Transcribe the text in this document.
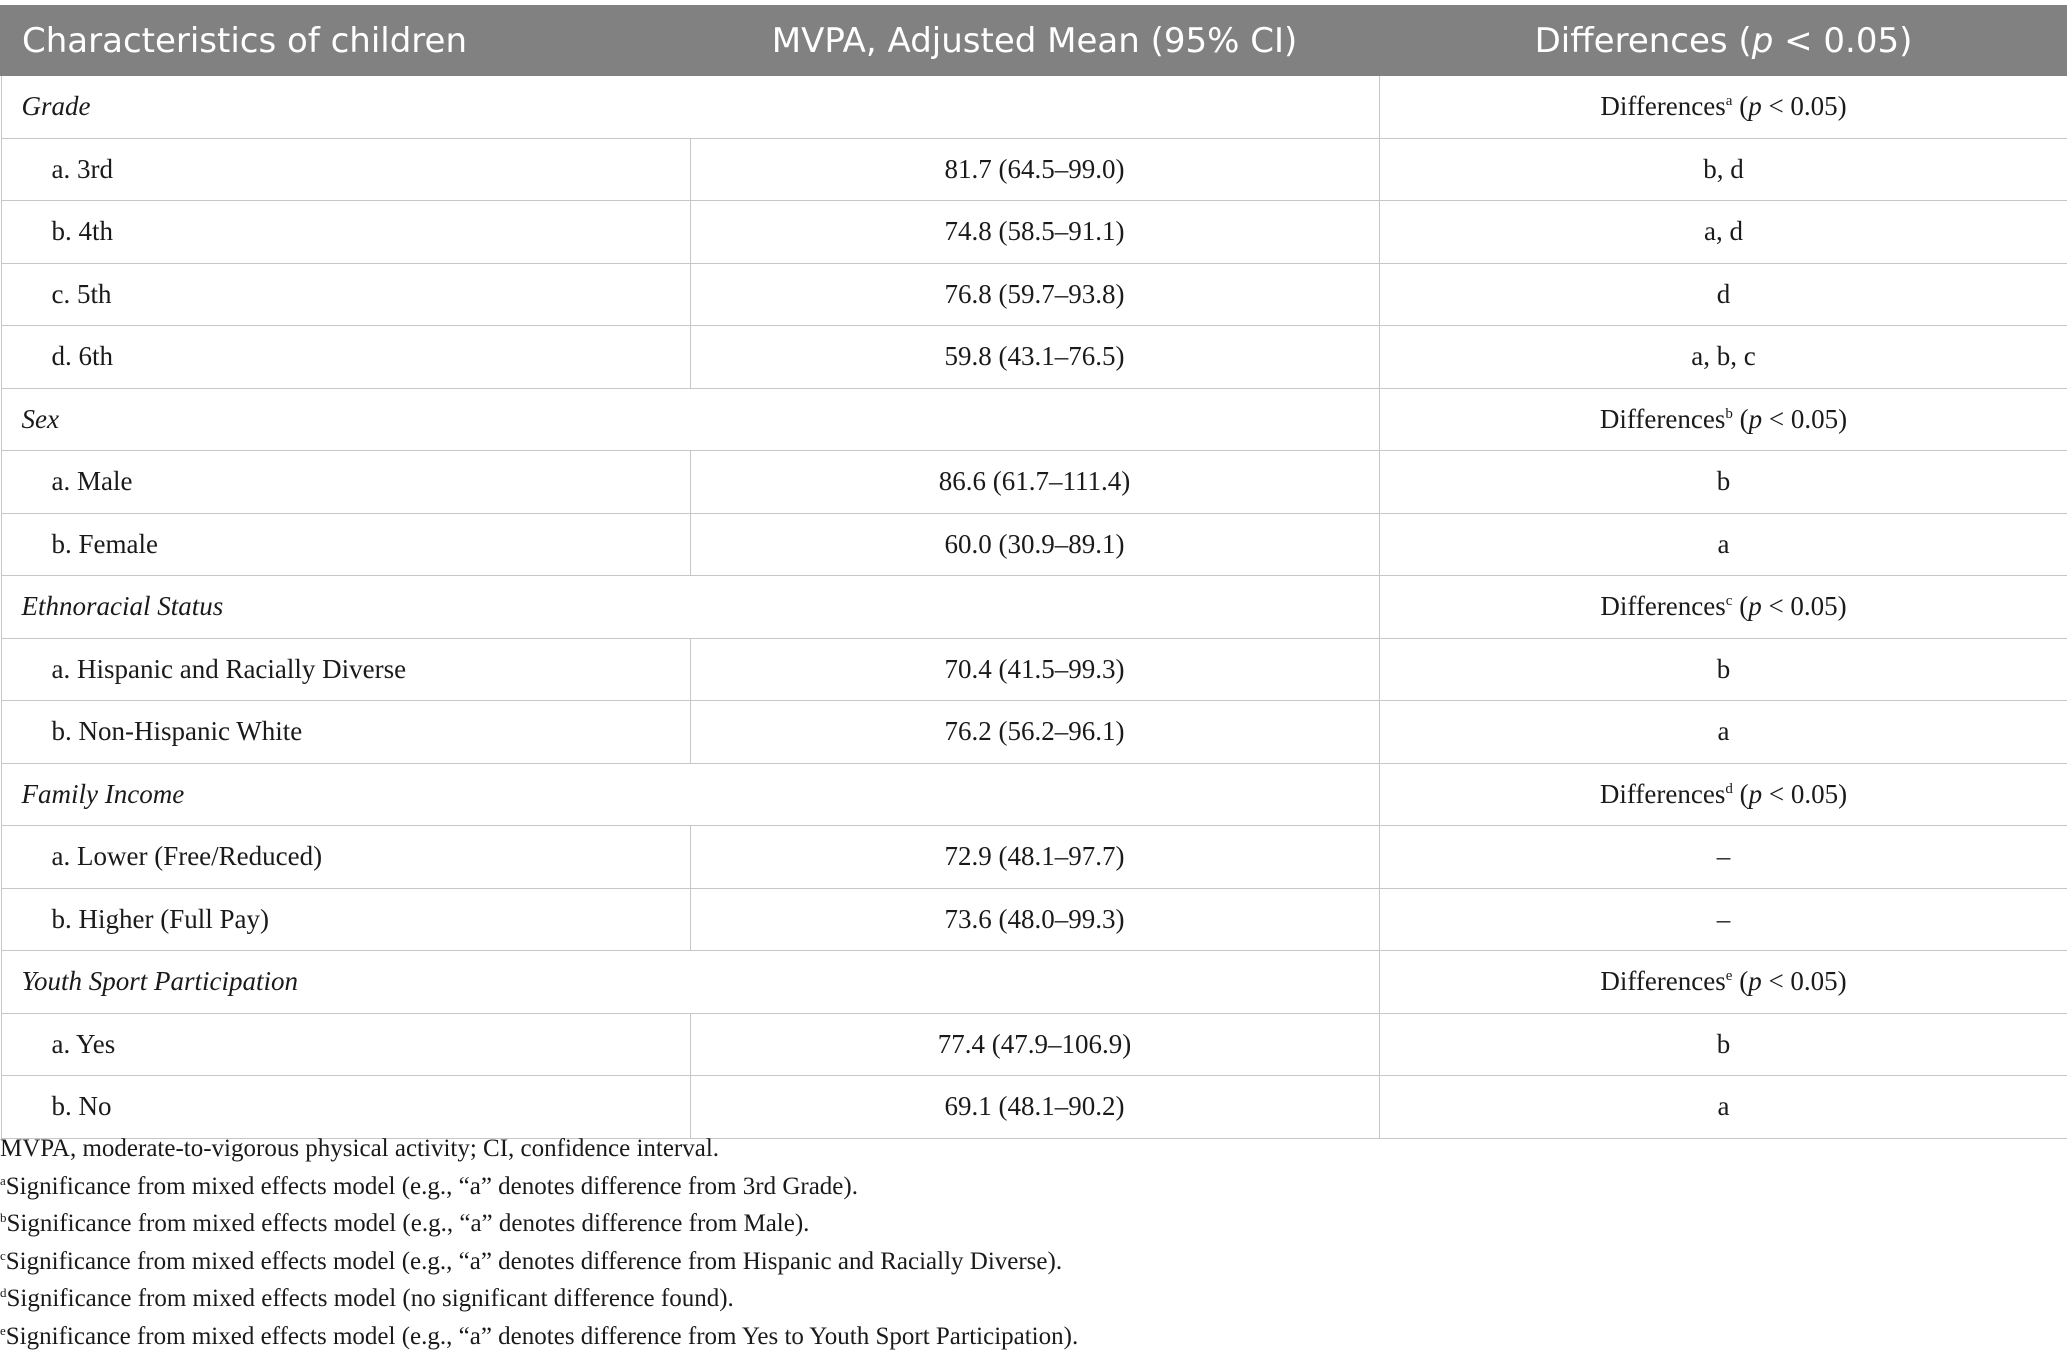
Characteristics of children	MVPA, Adjusted Mean (95% CI)	Differences (p < 0.05)
Grade		Differences$^a$ (p < 0.05)
a. 3rd	81.7 (64.5–99.0)	b, d
b. 4th	74.8 (58.5–91.1)	a, d
c. 5th	76.8 (59.7–93.8)	d
d. 6th	59.8 (43.1–76.5)	a, b, c
Sex		Differences$^b$ (p < 0.05)
a. Male	86.6 (61.7–111.4)	b
b. Female	60.0 (30.9–89.1)	a
Ethnoracial Status		Differences$^c$ (p < 0.05)
a. Hispanic and Racially Diverse	70.4 (41.5–99.3)	b
b. Non-Hispanic White	76.2 (56.2–96.1)	a
Family Income		Differences$^d$ (p < 0.05)
a. Lower (Free/Reduced)	72.9 (48.1–97.7)	–
b. Higher (Full Pay)	73.6 (48.0–99.3)	–
Youth Sport Participation		Differences$^e$ (p < 0.05)
a. Yes	77.4 (47.9–106.9)	b
b. No	69.1 (48.1–90.2)	a
MVPA, moderate-to-vigorous physical activity; CI, confidence interval.
$^a$Significance from mixed effects model (e.g., “a” denotes difference from 3rd Grade).
$^b$Significance from mixed effects model (e.g., “a” denotes difference from Male).
$^c$Significance from mixed effects model (e.g., “a” denotes difference from Hispanic and Racially Diverse).
$^d$Significance from mixed effects model (no significant difference found).
$^e$Significance from mixed effects model (e.g., “a” denotes difference from Yes to Youth Sport Participation).
